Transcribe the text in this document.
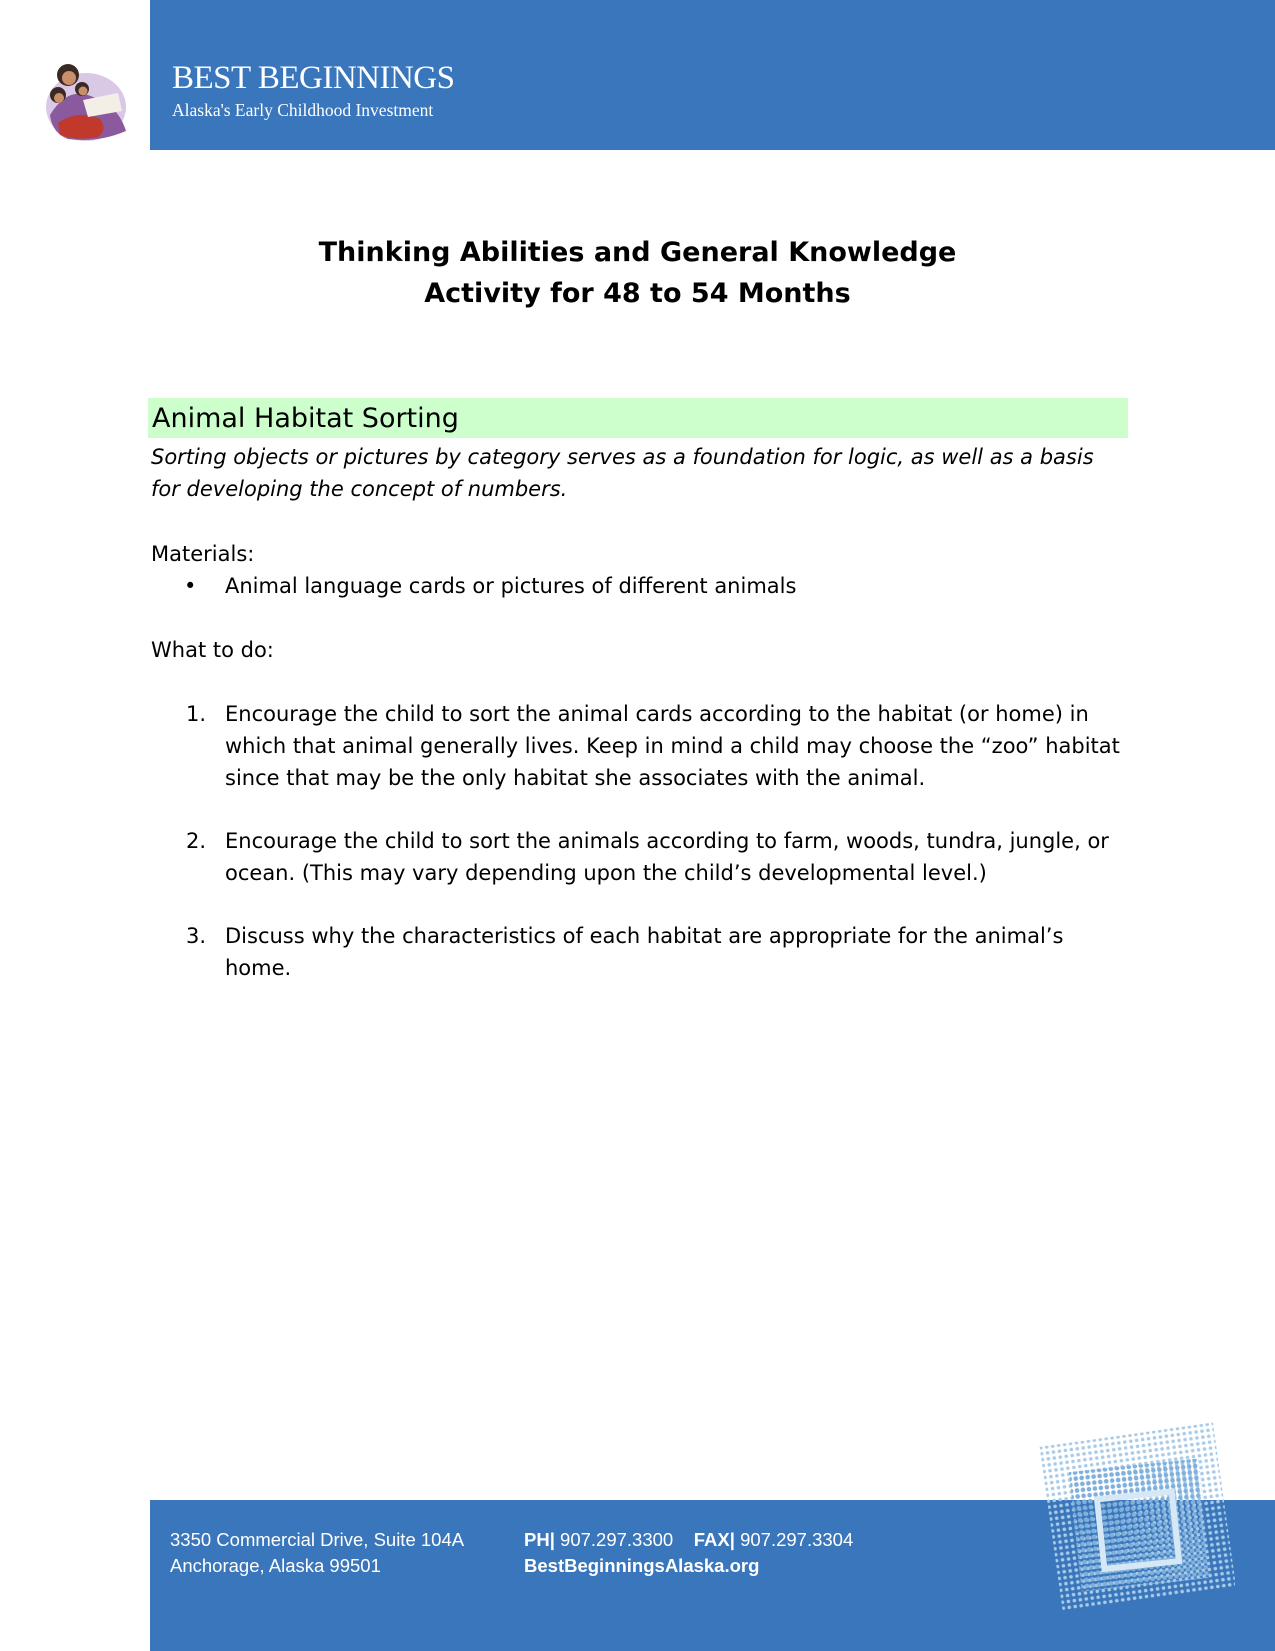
BEST BEGINNINGS
Alaska's Early Childhood Investment
Thinking Abilities and General Knowledge
Activity for 48 to 54 Months
Animal Habitat Sorting
Sorting objects or pictures by category serves as a foundation for logic, as well as a basis
for developing the concept of numbers.
Materials:
• Animal language cards or pictures of different animals
What to do:
1. Encourage the child to sort the animal cards according to the habitat (or home) in
which that animal generally lives. Keep in mind a child may choose the “zoo” habitat
since that may be the only habitat she associates with the animal.
2. Encourage the child to sort the animals according to farm, woods, tundra, jungle, or
ocean. (This may vary depending upon the child’s developmental level.)
3. Discuss why the characteristics of each habitat are appropriate for the animal’s
home.
3350 Commercial Drive, Suite 104A
Anchorage, Alaska 99501
PH| 907.297.3300 FAX| 907.297.3304
BestBeginningsAlaska.org
